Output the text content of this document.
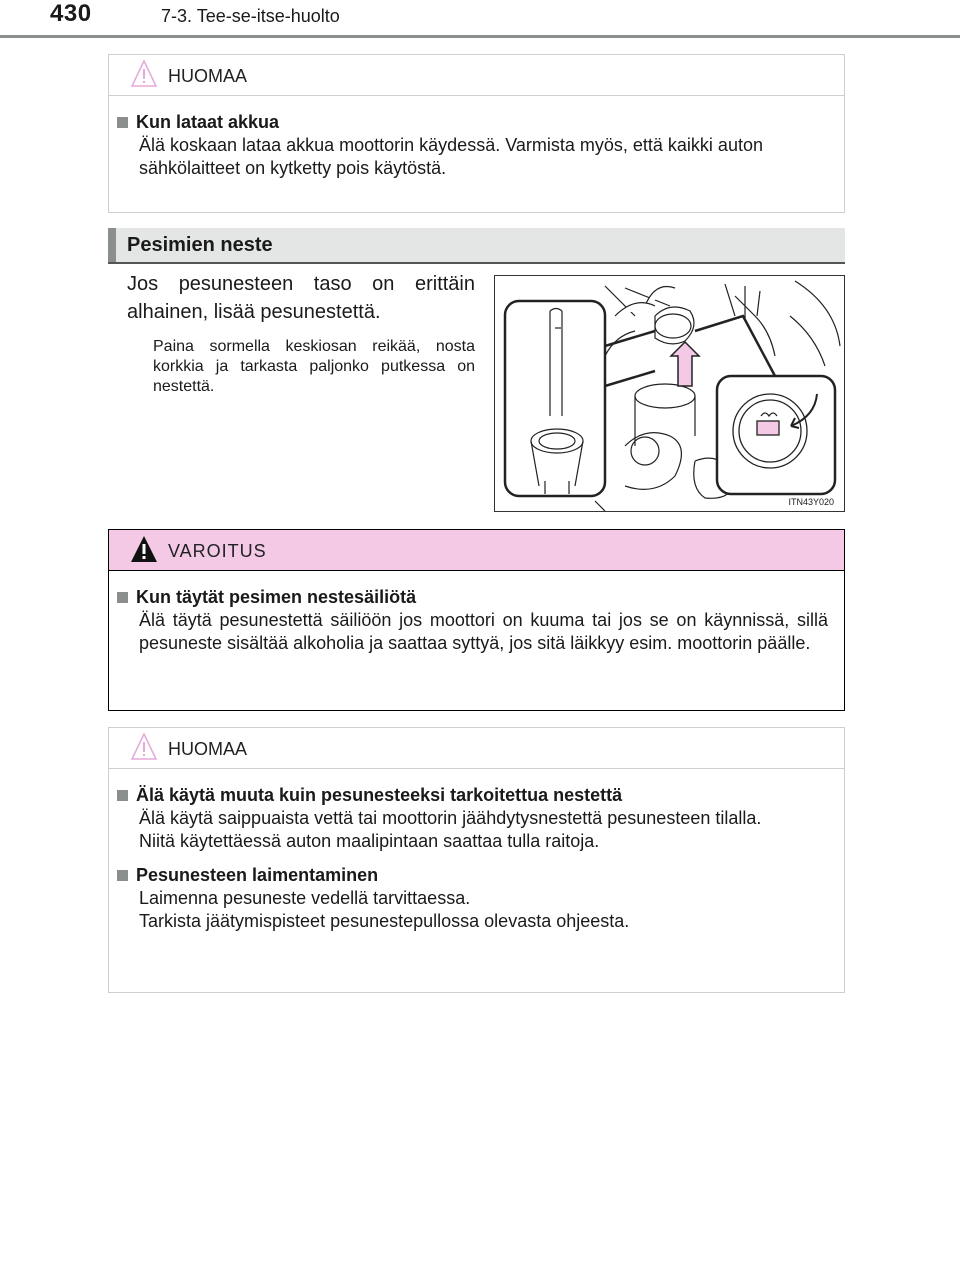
430	7-3. Tee-se-itse-huolto
HUOMAA
Kun lataat akkua

Älä koskaan lataa akkua moottorin käydessä. Varmista myös, että kaikki auton sähkölaitteet on kytketty pois käytöstä.

Pesimien neste
Jos pesunesteen taso on erittäin alhainen, lisää pesunestettä.
Paina sormella keskiosan reikää, nosta korkkia ja tarkasta paljonko putkessa on nestettä.
ITN43Y020
VAROITUS
Kun täytät pesimen nestesäiliötä

Älä täytä pesunestettä säiliöön jos moottori on kuuma tai jos se on käynnissä, sillä pesuneste sisältää alkoholia ja saattaa syttyä, jos sitä läikkyy esim. moottorin päälle.

HUOMAA
Älä käytä muuta kuin pesunesteeksi tarkoitettua nestettä

Älä käytä saippuaista vettä tai moottorin jäähdytysnestettä pesunesteen tilalla.

Niitä käytettäessä auton maalipintaan saattaa tulla raitoja.

Pesunesteen laimentaminen

Laimenna pesuneste vedellä tarvittaessa.

Tarkista jäätymispisteet pesunestepullossa olevasta ohjeesta.
